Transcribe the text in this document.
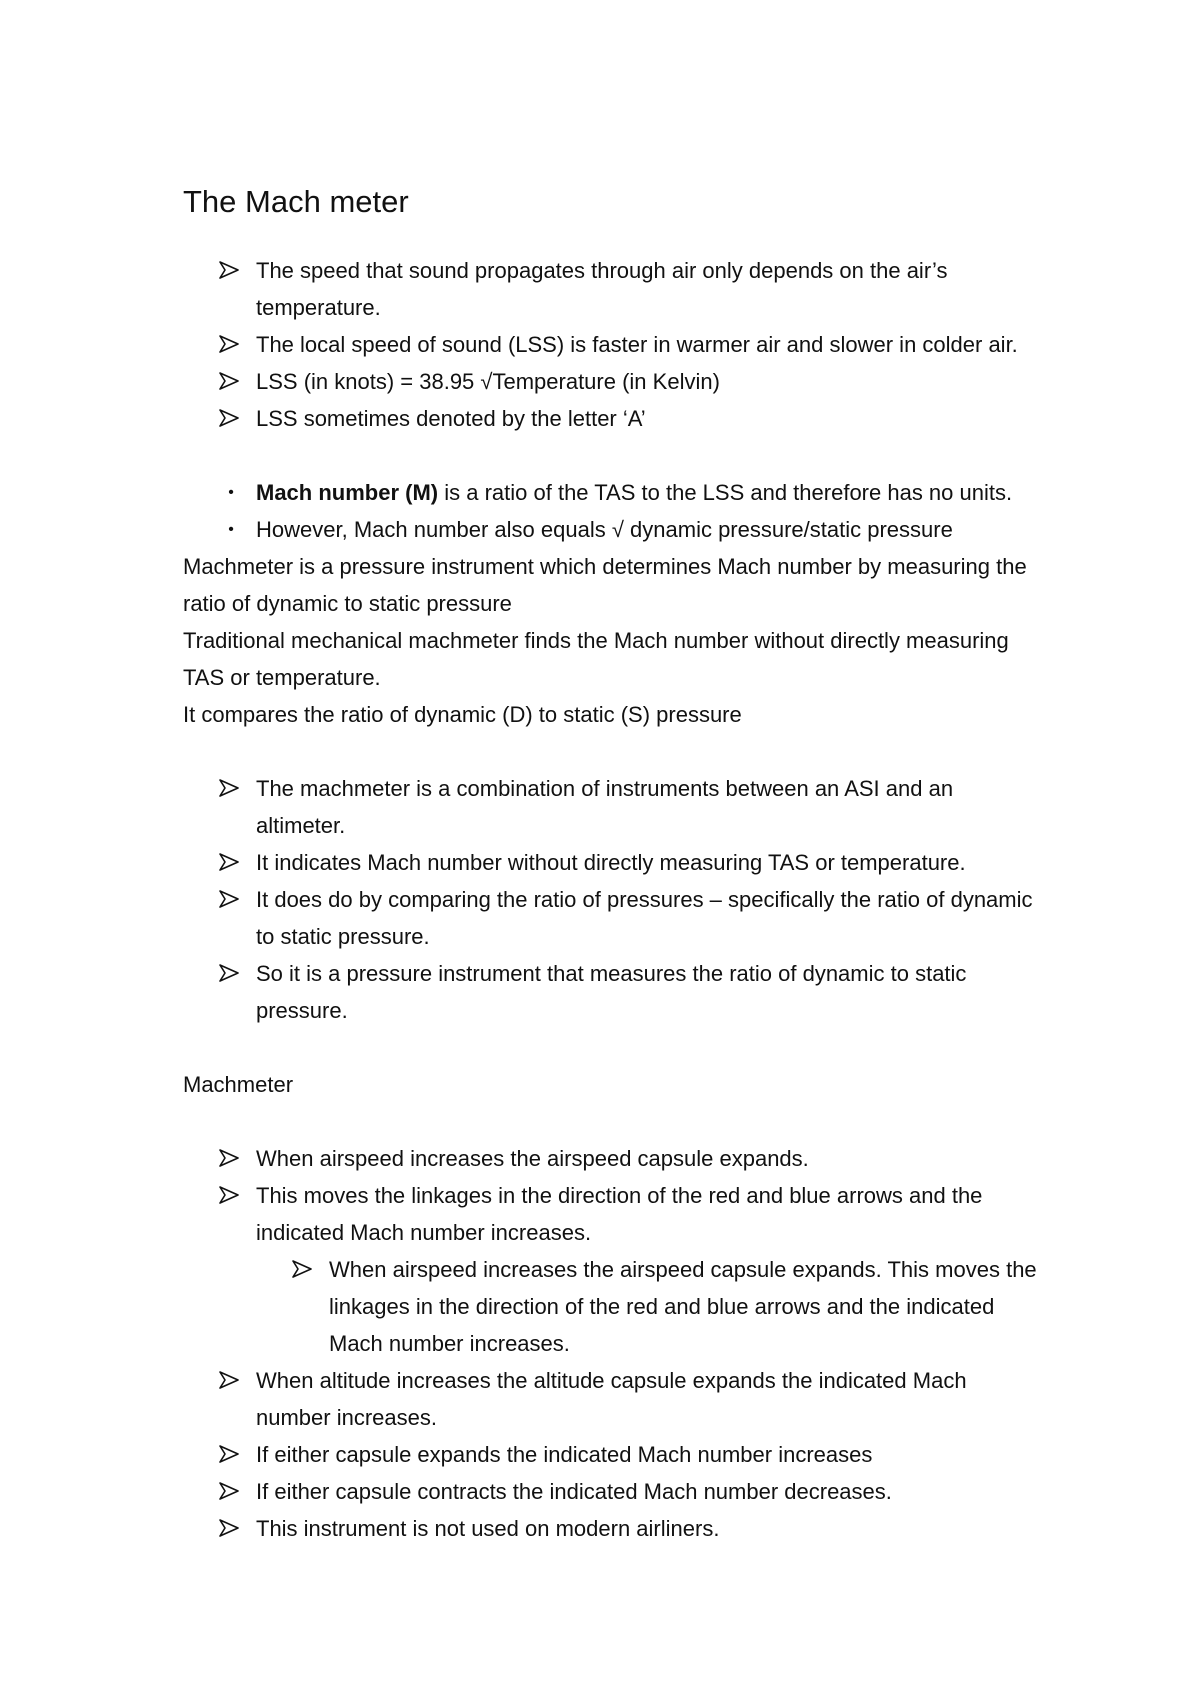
The Mach meter
The speed that sound propagates through air only depends on the air’s temperature.
The local speed of sound (LSS) is faster in warmer air and slower in colder air.
LSS (in knots) = 38.95 √Temperature (in Kelvin)
LSS sometimes denoted by the letter ‘A’
•	Mach number (M) is a ratio of the TAS to the LSS and therefore has no units.
•	However, Mach number also equals √ dynamic pressure/static pressure

Machmeter is a pressure instrument which determines Mach number by measuring the ratio of dynamic to static pressure

Traditional mechanical machmeter finds the Mach number without directly measuring TAS or temperature.

It compares the ratio of dynamic (D) to static (S) pressure

The machmeter is a combination of instruments between an ASI and an altimeter.
It indicates Mach number without directly measuring TAS or temperature.
It does do by comparing the ratio of pressures – specifically the ratio of dynamic to static pressure.
So it is a pressure instrument that measures the ratio of dynamic to static pressure.

Machmeter

When airspeed increases the airspeed capsule expands.
This moves the linkages in the direction of the red and blue arrows and the indicated Mach number increases.
When airspeed increases the airspeed capsule expands. This moves the linkages in the direction of the red and blue arrows and the indicated Mach number increases.
When altitude increases the altitude capsule expands the indicated Mach number increases.
If either capsule expands the indicated Mach number increases
If either capsule contracts the indicated Mach number decreases.
This instrument is not used on modern airliners.
